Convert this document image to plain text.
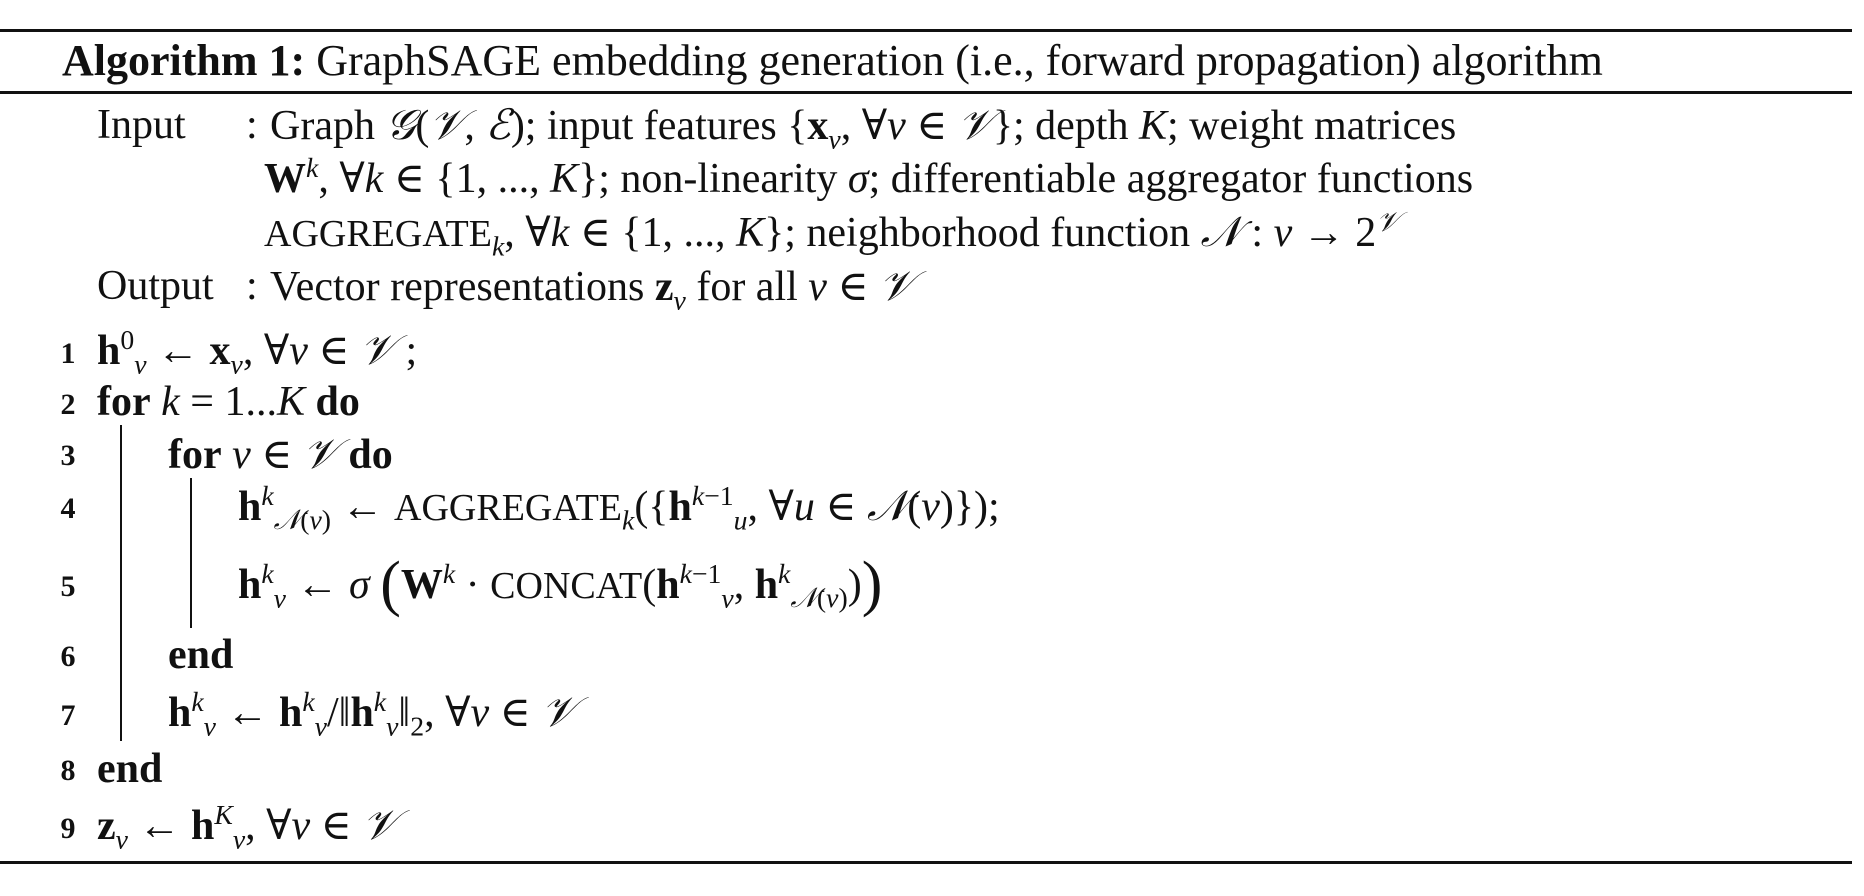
Algorithm 1: GraphSAGE embedding generation (i.e., forward propagation) algorithm
Input : Graph 𝒢(𝒱, ℰ); input features {$x_v$, ∀v ∈ 𝒱}; depth K; weight matrices
$W^k$, ∀k ∈ {1, ..., K}; non-linearity σ; differentiable aggregator functions
$AGGREGATE_k$, ∀k ∈ {1, ..., K}; neighborhood function 𝒩 : $v \to 2^𝒱$
Output : Vector representations $z_v$ for all v ∈ 𝒱
1
2
3
4
5
6
7
8
9
$h^0_v$ ← $x_v$, ∀v ∈ 𝒱 ;
for k = 1...K do
for v ∈ 𝒱 do
$h^k_{𝒩(v)}$ ← $AGGREGATE_k(\{h^{k-1}_u$, ∀u ∈ 𝒩(v)});
$h^k_v$ ← σ ($W^k$ · $CONCAT(h^{k-1}_v$, $h^k_{𝒩(v)}$))
end
$h^k_v$ ← $h^k_v/‖h^k_v‖_2$, ∀v ∈ 𝒱
end
$z_v$ ← $h^K_v$, ∀v ∈ 𝒱
